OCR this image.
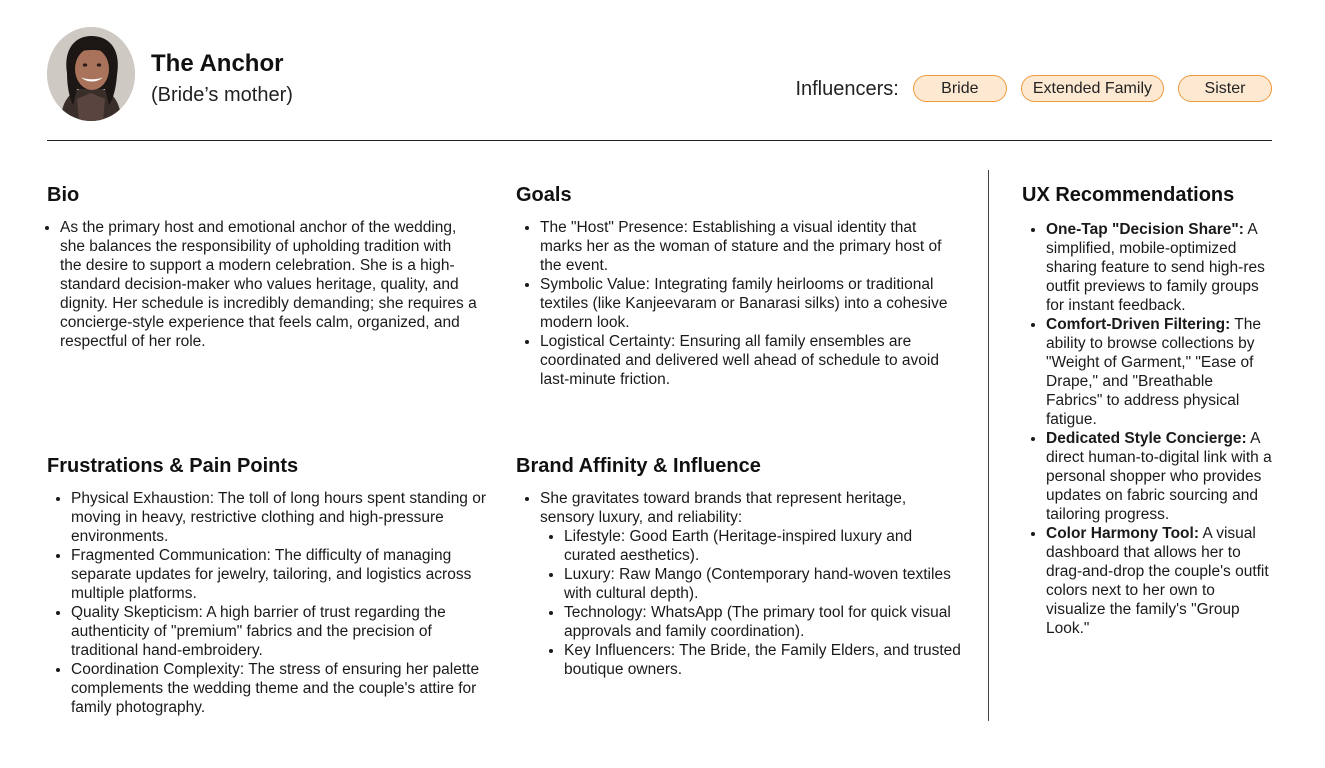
The Anchor
(Bride’s mother)	Influencers:	Bride	Extended Family	Sister
Bio
• As the primary host and emotional anchor of the wedding, she balances the responsibility of upholding tradition with the desire to support a modern celebration. She is a high-standard decision-maker who values heritage, quality, and dignity. Her schedule is incredibly demanding; she requires a concierge-style experience that feels calm, organized, and respectful of her role.
Goals
• The "Host" Presence: Establishing a visual identity that marks her as the woman of stature and the primary host of the event.
• Symbolic Value: Integrating family heirlooms or traditional textiles (like Kanjeevaram or Banarasi silks) into a cohesive modern look.
• Logistical Certainty: Ensuring all family ensembles are coordinated and delivered well ahead of schedule to avoid last-minute friction.
Frustrations & Pain Points
• Physical Exhaustion: The toll of long hours spent standing or moving in heavy, restrictive clothing and high-pressure environments.
• Fragmented Communication: The difficulty of managing separate updates for jewelry, tailoring, and logistics across multiple platforms.
• Quality Skepticism: A high barrier of trust regarding the authenticity of "premium" fabrics and the precision of traditional hand-embroidery.
• Coordination Complexity: The stress of ensuring her palette complements the wedding theme and the couple's attire for family photography.
Brand Affinity & Influence
• She gravitates toward brands that represent heritage, sensory luxury, and reliability:
• Lifestyle: Good Earth (Heritage-inspired luxury and curated aesthetics).
• Luxury: Raw Mango (Contemporary hand-woven textiles with cultural depth).
• Technology: WhatsApp (The primary tool for quick visual approvals and family coordination).
• Key Influencers: The Bride, the Family Elders, and trusted boutique owners.
UX Recommendations
• One-Tap "Decision Share": A simplified, mobile-optimized sharing feature to send high-res outfit previews to family groups for instant feedback.
• Comfort-Driven Filtering: The ability to browse collections by "Weight of Garment," "Ease of Drape," and "Breathable Fabrics" to address physical fatigue.
• Dedicated Style Concierge: A direct human-to-digital link with a personal shopper who provides updates on fabric sourcing and tailoring progress.
• Color Harmony Tool: A visual dashboard that allows her to drag-and-drop the couple's outfit colors next to her own to visualize the family's "Group Look."
